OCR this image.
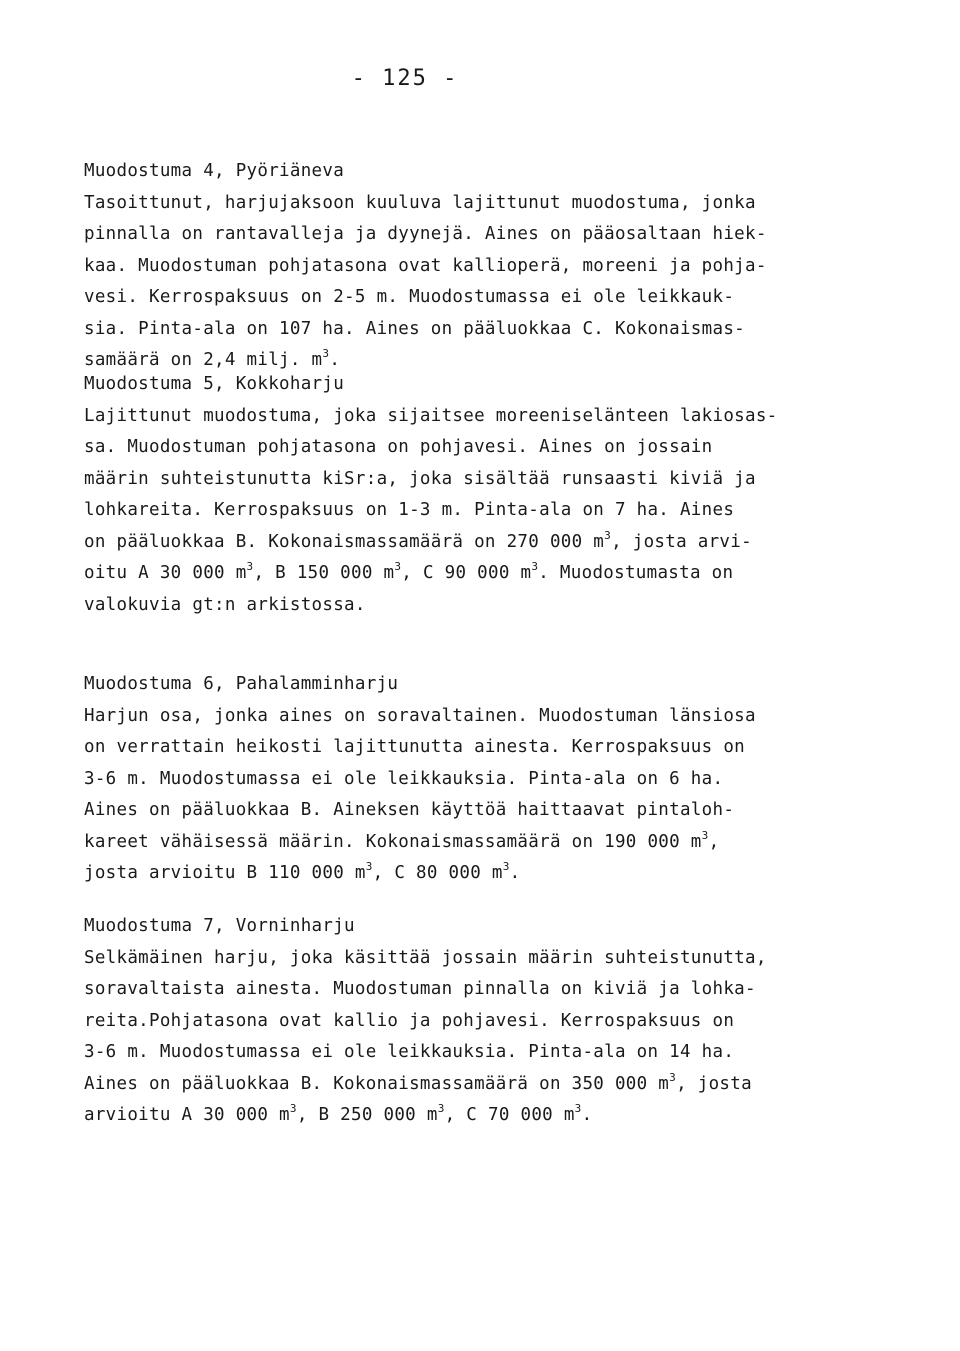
- 125 -

Muodostuma 4, Pyöriäneva

Tasoittunut, harjujaksoon kuuluva lajittunut muodostuma, jonka

pinnalla on rantavalleja ja dyynejä. Aines on pääosaltaan hiek-

kaa. Muodostuman pohjatasona ovat kallioperä, moreeni ja pohja-

vesi. Kerrospaksuus on 2-5 m. Muodostumassa ei ole leikkauk-

sia. Pinta-ala on 107 ha. Aines on pääluokkaa C. Kokonaismas-

samäärä on 2,4 milj. $m^3$.

Muodostuma 5, Kokkoharju

Lajittunut muodostuma, joka sijaitsee moreeniselänteen lakiosas-

sa. Muodostuman pohjatasona on pohjavesi. Aines on jossain

määrin suhteistunutta kiSr:a, joka sisältää runsaasti kiviä ja

lohkareita. Kerrospaksuus on 1-3 m. Pinta-ala on 7 ha. Aines

on pääluokkaa B. Kokonaismassamäärä on 270 000 $m^3$, josta arvi-

oitu A 30 000 $m^3$, B 150 000 $m^3$, C 90 000 $m^3$. Muodostumasta on

valokuvia gt:n arkistossa.

Muodostuma 6, Pahalamminharju

Harjun osa, jonka aines on soravaltainen. Muodostuman länsiosa

on verrattain heikosti lajittunutta ainesta. Kerrospaksuus on

3-6 m. Muodostumassa ei ole leikkauksia. Pinta-ala on 6 ha.

Aines on pääluokkaa B. Aineksen käyttöä haittaavat pintaloh-

kareet vähäisessä määrin. Kokonaismassamäärä on 190 000 $m^3$,

josta arvioitu B 110 000 $m^3$, C 80 000 $m^3$.

Muodostuma 7, Vorninharju

Selkämäinen harju, joka käsittää jossain määrin suhteistunutta,

soravaltaista ainesta. Muodostuman pinnalla on kiviä ja lohka-

reita.Pohjatasona ovat kallio ja pohjavesi. Kerrospaksuus on

3-6 m. Muodostumassa ei ole leikkauksia. Pinta-ala on 14 ha.

Aines on pääluokkaa B. Kokonaismassamäärä on 350 000 $m^3$, josta

arvioitu A 30 000 $m^3$, B 250 000 $m^3$, C 70 000 $m^3$.
